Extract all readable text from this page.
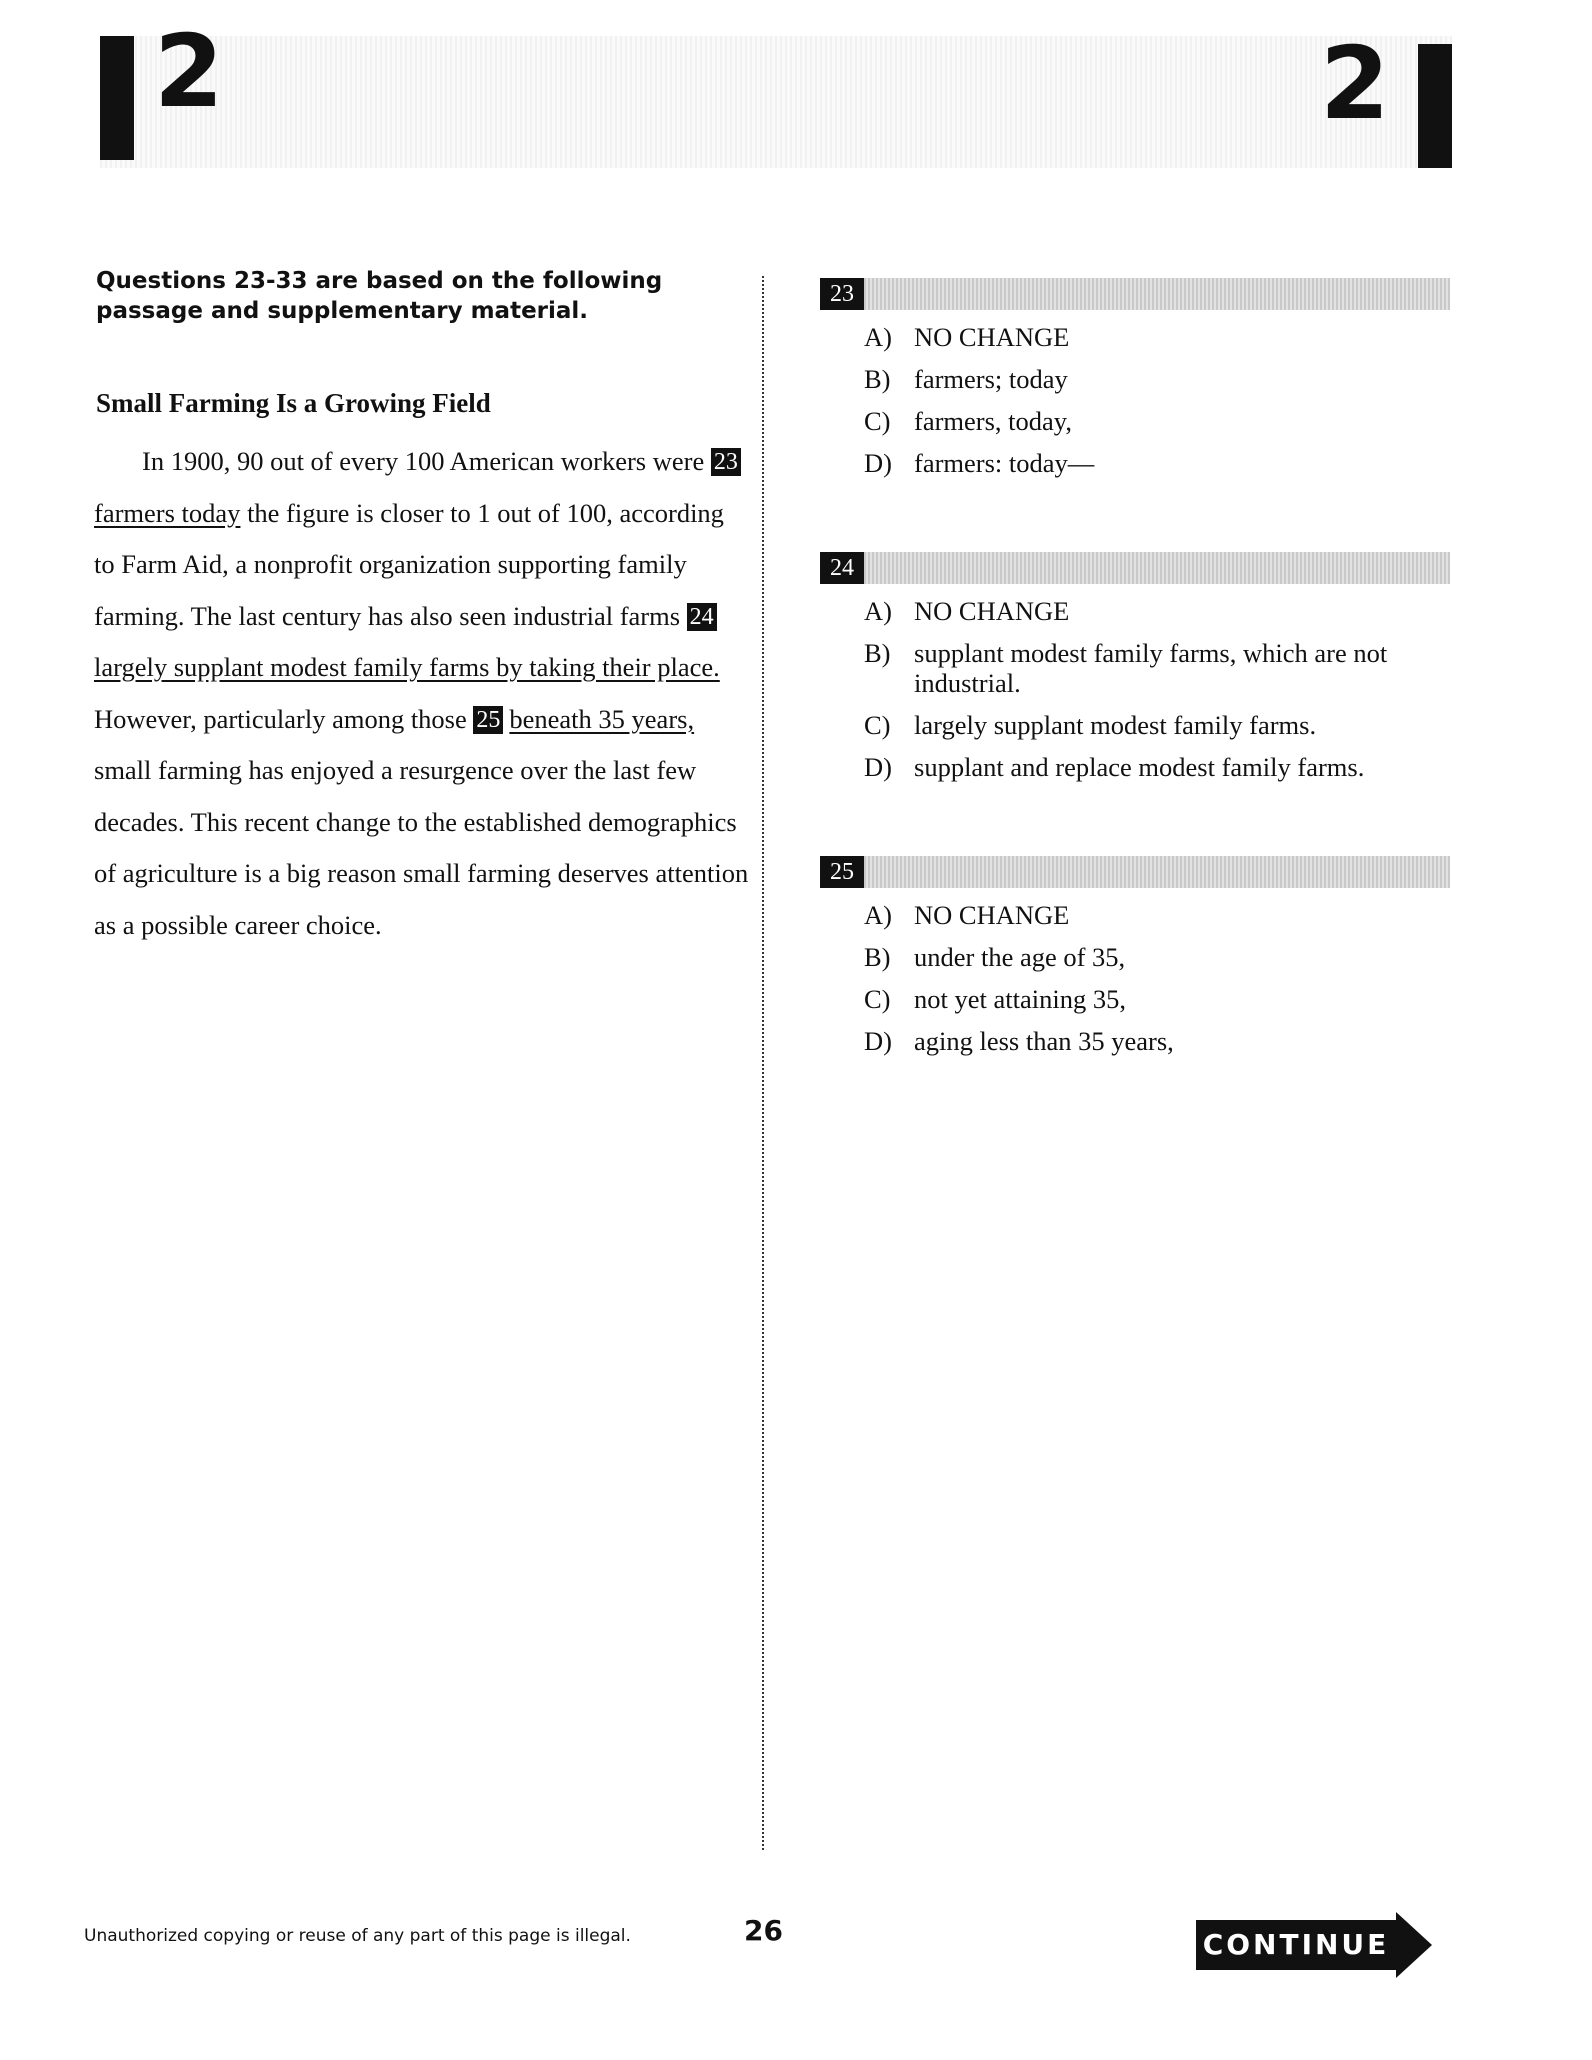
2	2
Questions 23-33 are based on the following passage and supplementary material.
Small Farming Is a Growing Field

In 1900, 90 out of every 100 American workers were 23farmers today the figure is closer to 1 out of 100, according to Farm Aid, a nonprofit organization supporting family farming. The last century has also seen industrial farms 24largely supplant modest family farms by taking their place. However, particularly among those 25 beneath 35 years, small farming has enjoyed a resurgence over the last few decades. This recent change to the established demographics of agriculture is a big reason small farming deserves attention as a possible career choice.

23
A) NO CHANGE
B) farmers; today
C) farmers, today,
D) farmers: today—
24
A) NO CHANGE
B) supplant modest family farms, which are not industrial.
C) largely supplant modest family farms.
D) supplant and replace modest family farms.
25
A) NO CHANGE
B) under the age of 35,
C) not yet attaining 35,
D) aging less than 35 years,
Unauthorized copying or reuse of any part of this page is illegal.	26	CONTINUE
